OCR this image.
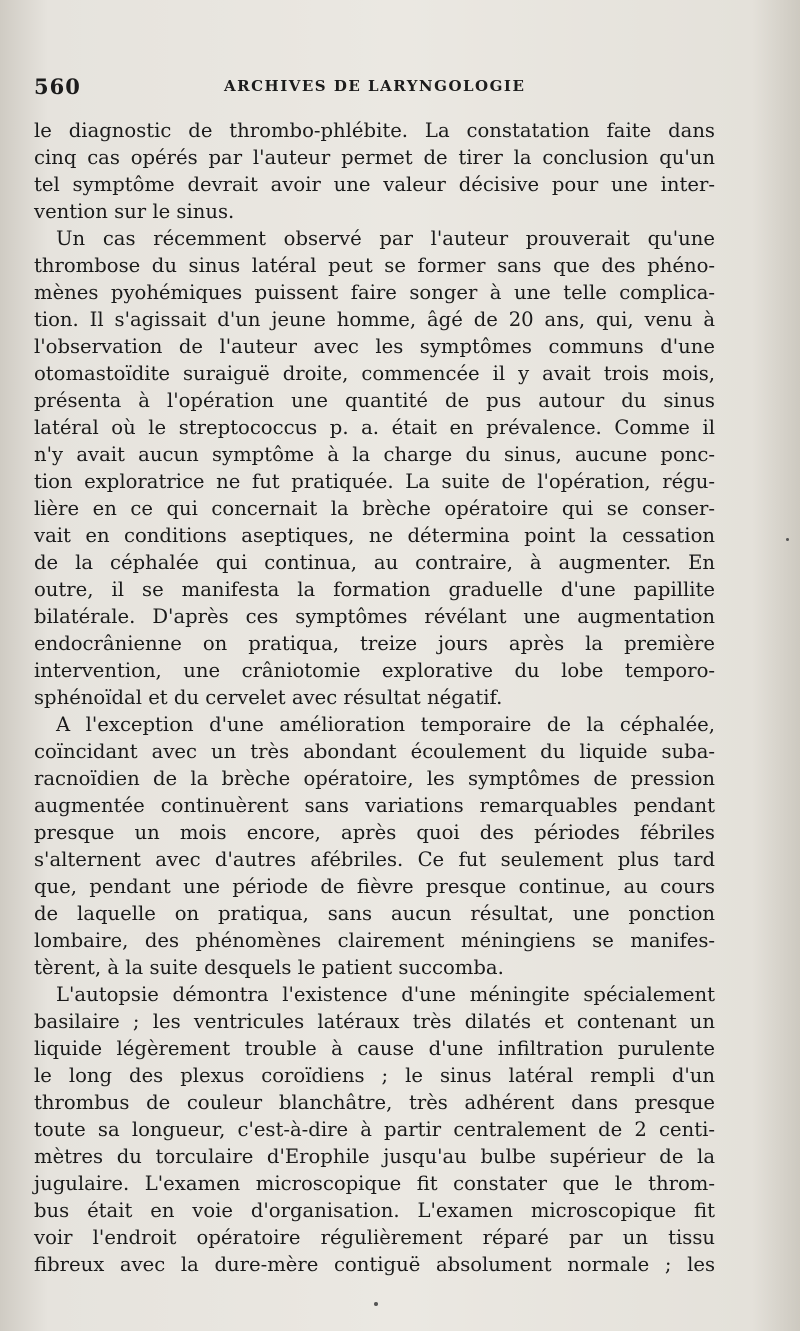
560	ARCHIVES DE LARYNGOLOGIE
le diagnostic de thrombo-phlébite. La constatation faite dans
cinq cas opérés par l'auteur permet de tirer la conclusion qu'un
tel symptôme devrait avoir une valeur décisive pour une inter-
vention sur le sinus.
Un cas récemment observé par l'auteur prouverait qu'une
thrombose du sinus latéral peut se former sans que des phéno-
mènes pyohémiques puissent faire songer à une telle complica-
tion. Il s'agissait d'un jeune homme, âgé de 20 ans, qui, venu à
l'observation de l'auteur avec les symptômes communs d'une
otomastoïdite suraiguë droite, commencée il y avait trois mois,
présenta à l'opération une quantité de pus autour du sinus
latéral où le streptococcus p. a. était en prévalence. Comme il
n'y avait aucun symptôme à la charge du sinus, aucune ponc-
tion exploratrice ne fut pratiquée. La suite de l'opération, régu-
lière en ce qui concernait la brèche opératoire qui se conser-
vait en conditions aseptiques, ne détermina point la cessation
de la céphalée qui continua, au contraire, à augmenter. En
outre, il se manifesta la formation graduelle d'une papillite
bilatérale. D'après ces symptômes révélant une augmentation
endocrânienne on pratiqua, treize jours après la première
intervention, une crâniotomie explorative du lobe temporo-
sphénoïdal et du cervelet avec résultat négatif.
A l'exception d'une amélioration temporaire de la céphalée,
coïncidant avec un très abondant écoulement du liquide suba-
racnoïdien de la brèche opératoire, les symptômes de pression
augmentée continuèrent sans variations remarquables pendant
presque un mois encore, après quoi des périodes fébriles
s'alternent avec d'autres afébriles. Ce fut seulement plus tard
que, pendant une période de fièvre presque continue, au cours
de laquelle on pratiqua, sans aucun résultat, une ponction
lombaire, des phénomènes clairement méningiens se manifes-
tèrent, à la suite desquels le patient succomba.
L'autopsie démontra l'existence d'une méningite spécialement
basilaire ; les ventricules latéraux très dilatés et contenant un
liquide légèrement trouble à cause d'une infiltration purulente
le long des plexus coroïdiens ; le sinus latéral rempli d'un
thrombus de couleur blanchâtre, très adhérent dans presque
toute sa longueur, c'est-à-dire à partir centralement de 2 centi-
mètres du torculaire d'Erophile jusqu'au bulbe supérieur de la
jugulaire. L'examen microscopique fit constater que le throm-
bus était en voie d'organisation. L'examen microscopique fit
voir l'endroit opératoire régulièrement réparé par un tissu
fibreux avec la dure-mère contiguë absolument normale ; les
